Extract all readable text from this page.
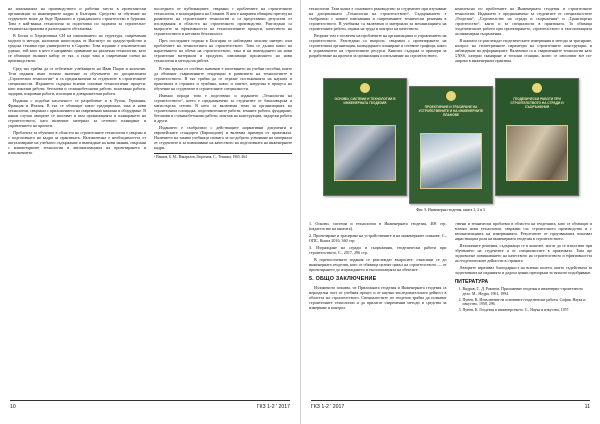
на изисканията на производството и работни места в проектантски организации за инженерните кадри в България. Средство за обучение на студентите може да бъде Пражкото и гражданското строителство в бурилия. Това е най-важна технология за подготовка по задачата за строително-техническа практика в разгледаното обстановка.

В Босна и Херцеговина СИ на изкопаването на структура, съвременни модели и методи, наложени напоследък от Институт по градоустройство и градска техника при университета в Сараево. Това издание е изключително удачно, тъй като в него е направено сравнение на различни технологии, като се обхващат пълният набор от тях, а също така и съвременни схеми на производството.

Сред тях трябва да се отбележат учебниците на Иван Пацов и колектив. Тези издания имат голямо значение за обучението по дисциплината „Строителни технологии“ и са предназначени за студентите в строителните специалности. Изданието съдържа всички основни технологични процеси, като изкопни работи, бетонови и стоманобетонови работи, монтажни работи, зидарии, покривни работи, изолации и довършителни работи.

Издания с подобна насоченост се разработват и в Русия, Германия, Франция и Италия. В тях се обхващат както традиционни, така и нови технологии, свързани с приложението на съвременни машини и оборудване. В някои случаи авторите се насочват и към организацията и планирането на строителството, като включват материал за сетевото планиране и управлението на проекти.

Проблемът за обучение в областта на строителните технологии е свързан и с подготовката на кадри за практиката. Наложителна е необходимостта от актуализиране на учебното съдържание и въвеждане на нови знания, свързани с компютърните технологии и автоматизацията на проектирането и изпълнението.

последната от публикациите, свързани с проблемите на строителните технологии, е монографията на Станков. В нея е направен обширен преглед на развитието на строителните технологии и са представени резултати от изследвания в областта на строителното производство. Разгледани са въпросите за ефективността на технологичните процеси, качеството на строителството и неговата безопасност.

През последните години в България се наблюдава засилен интерес към проблемите на технологията на строителството. Това се дължи както на нарастването на обема на строителството, така и на въвеждането на нови строителни материали и продукти, изискващи прилагането на нови технологии и методи на работа.

В тази връзка от особено значение е изготвянето на учебни пособия, които да обхванат съвременните тенденции в развитието на технологиите в строителството. В тях трябва да се отразят постиженията на науката и практиката в страната и чужбина, както и опитът, натрупан в процеса на обучение на студентите в строителните специалности.

Именно поради това е подготвено и изданието „Технология на строителството“, което е предназначено за студентите от бакалавърска и магистърска степен. В него са включени теми за организацията на строителната площадка, подготвителните работи, земните работи, фундиране, бетонови и стоманобетонови работи, монтаж на конструкции, зидарски работи и други.

Изданието е съобразено с действащите нормативни документи и европейските стандарти (Еврокодове) и включва примери от практиката. Наличието на такива учебници спомага за по-доброто усвояване на материала от студентите и за повишаване на качеството на подготовката на инженерните кадри.

¹ Пенков, Б. М., Вакарелов, Гюргенов, С., Техника, 1965, 464
10	ГКЗ 1-2 ' 2017

технологии. Тази книга е основното ръководство за студентите при изучаване на дисциплината „Технология на строителството“. Съдържанието е съобразено с новите изисквания и съвременните технически решения в строителството. В учебника са включени и материали за механизацията на строителните работи, охрана на труда и контрол на качеството.

Вторият том е посветен на проблемите на организацията и управлението на строителството. Разгледани са въпроси, свързани с проектирането на строителната организация, календарното планиране и сетевите графици, както и управлението на строителните ресурси. Книгата съдържа и примери за разработване на проекти за организация и изпълнение на строителството.

комплексно по проблемите на Инженерната геодезия и строителните технологии. Изданието е предназначено за студентите от специалностите „Геодезия“, „Строителство на сгради и съоръжения“ и „Транспортно строителство“, както и за специалисти в практиката. То обхваща геодезическите работи при проектирането, строителството и експлоатацията на инженерни съоръжения.

В книгата се разглеждат геодезическите измервания и методи за трасиране, контрол на геометричните параметри на строителните конструкции и наблюдение на деформациите. Включени са и съвременните технологии като GNSS, лазерно сканиране и тотални станции, които се използват все по-широко в инженерната практика.

ОСНОВИ, СИСТЕМИ И ТЕХНОЛОГИИ В ИНЖЕНЕРНАТА ГЕОДЕЗИЯ
ПРОЕКТИРАНЕ И ТРАСИРАНЕ НА УСТРОЙСТВЕНИТЕ И НА ИНЖЕНЕРНИТЕ ПЛАНОВЕ
ГЕОДЕЗИЧЕСКИ РАБОТИ ПРИ СТРОИТЕЛСТВОТО НА СГРАДИ И СЪОРЪЖЕНИЯ
Фиг. 5. Инженерна геодезия, книга 1, 2 и 3

1. Основи, системи и технологии в Инженерната геодезия, 408 стр. (издателство на книгата).

2. Проектиране и трасиране на устройствените и на инженерните планове, С., ОПС, Книга 2016, 360 стр.

3. Изграждане на сгради и съоръжения, геодезически работи при строителството, С., 2017, 296 стр.

В горепосочените издания се разглеждат въпросите, отнасящи се до инженерната геодезия, като се обхваща целият цикъл на строителството — от проектирането до изграждането и експлоатацията на обектите.

5. ОБЩО ЗАКЛЮЧЕНИЕ

Изложеното показва, че Приложната геодезия и Инженерната геодезия са неразделна част от учебния процес и от научно-изследователската дейност в областта на строителството. Специалистите по геодезия трябва да познават строителните технологии и да прилагат съвременни методи и средства за измерване и контрол.

ствени и технически проблеми в областта на геодезията, като се обхващат и всички нови технологии, свързани със строителното производство и с автоматизацията на измерванията. Резултатите от проучванията показват нарастващата роля на инженерната геодезия в строителството.

Изложените решения, съдържащи се в книгите, могат да се използват при обучението на студентите и от специалистите в практиката. Това ще подпомогне повишаването на качеството на строителството и ефективността на геодезическите дейности в страната.

Авторите изразяват благодарност на всички колеги, които съдействаха за подготовката на изданията и дадоха ценни препоръки за тяхното подобряване.

ЛИТЕРАТУРА
1. Вядров, Г., Д. Ракитов. Приложение геодезия в инженерно-строителното дело. М., Недра, 1961, 1994.
2. Пунев, К. Изпълнение на основните геодезически работи. София, Наука и изкуство, 1958, 296.
3. Пунев, К. Геодезия в инженерството. С., Наука и изкуство, 1957.
ГКЗ 1-2 ' 2017	11
